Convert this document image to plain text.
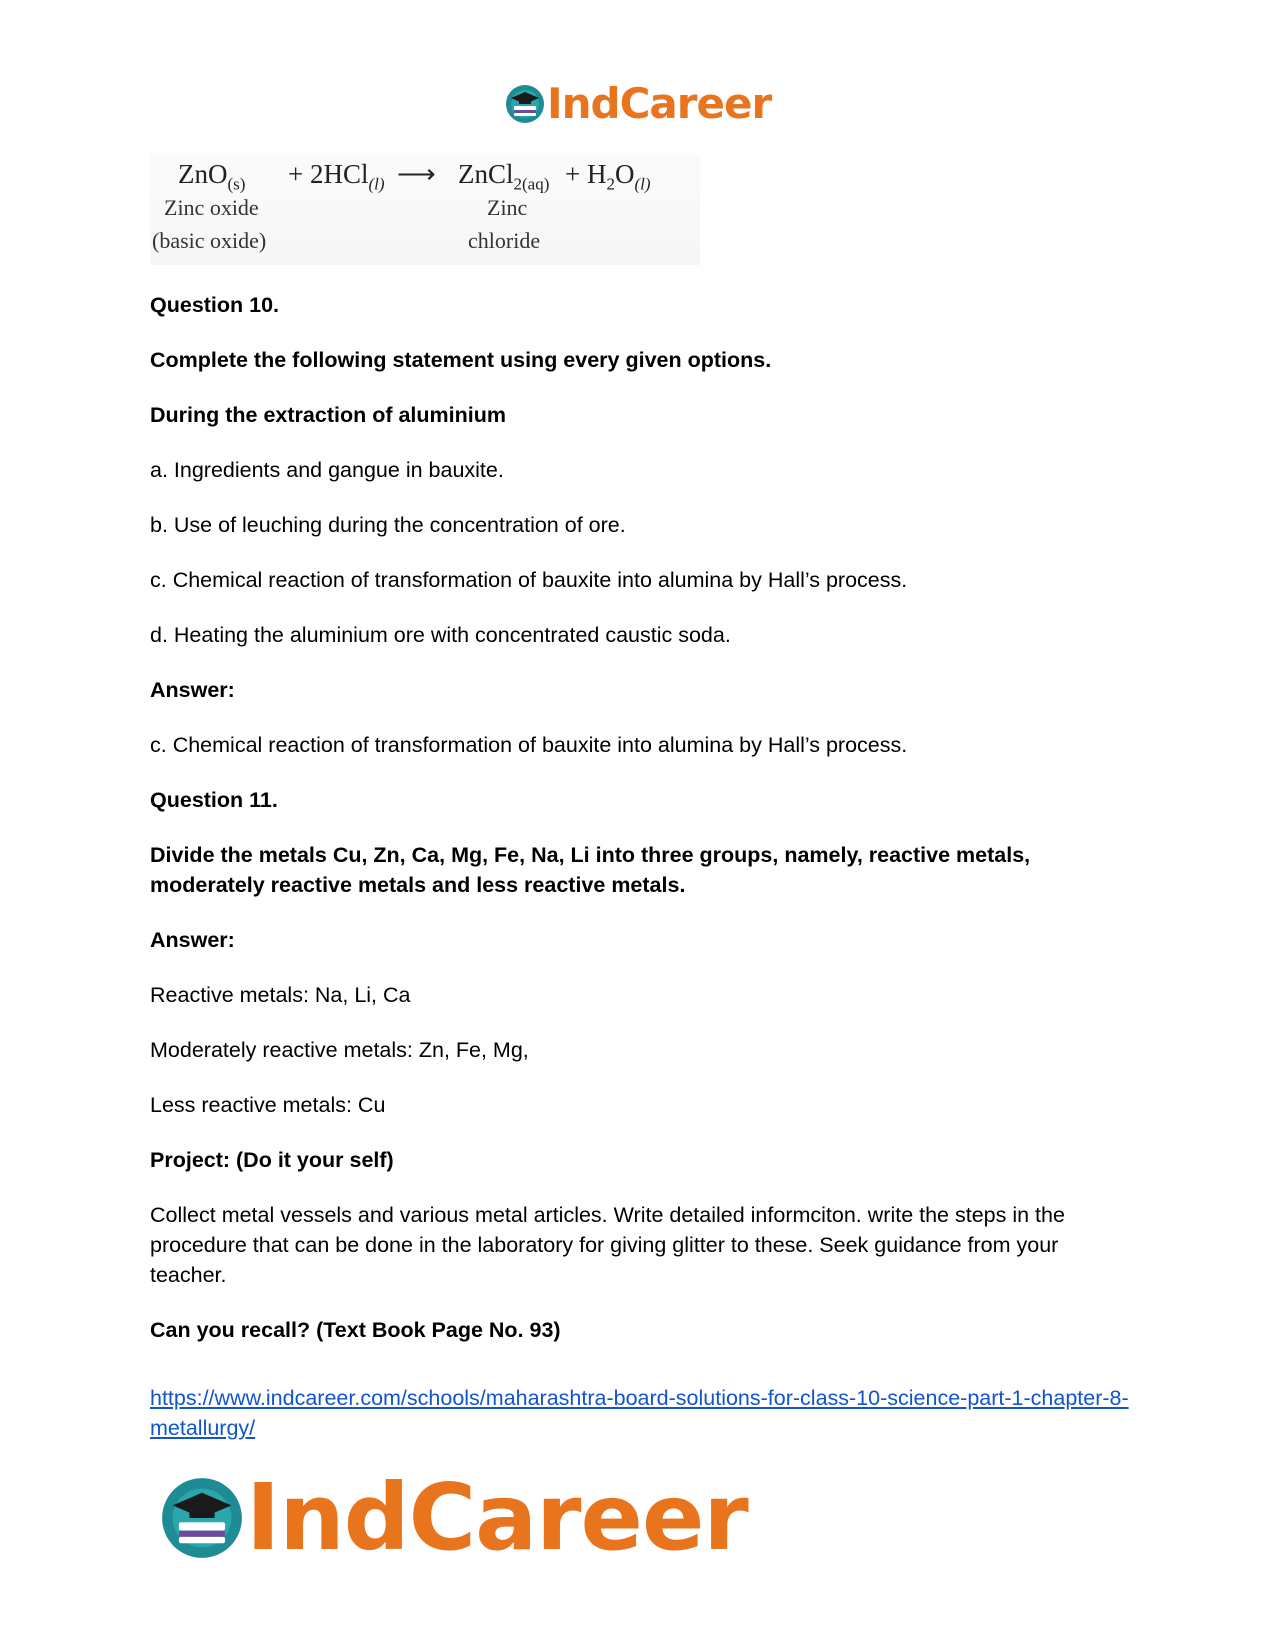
IndCareer
ZnO$_{(s)}$ + 2HCl$_{(l)}$ ⟶ ZnCl$_{2(aq)}$ + $H_2O_{(l)}$
Zinc oxide
(basic oxide)
Zinc
chloride

Question 10.

Complete the following statement using every given options.

During the extraction of aluminium

a. Ingredients and gangue in bauxite.

b. Use of leuching during the concentration of ore.

c. Chemical reaction of transformation of bauxite into alumina by Hall’s process.

d. Heating the aluminium ore with concentrated caustic soda.

Answer:

c. Chemical reaction of transformation of bauxite into alumina by Hall’s process.

Question 11.

Divide the metals Cu, Zn, Ca, Mg, Fe, Na, Li into three groups, namely, reactive metals, moderately reactive metals and less reactive metals.

Answer:

Reactive metals: Na, Li, Ca

Moderately reactive metals: Zn, Fe, Mg,

Less reactive metals: Cu

Project: (Do it your self)

Collect metal vessels and various metal articles. Write detailed informciton. write the steps in the procedure that can be done in the laboratory for giving glitter to these. Seek guidance from your teacher.

Can you recall? (Text Book Page No. 93)

https://www.indcareer.com/schools/maharashtra-board-solutions-for-class-10-science-part-1-chapter-8-metallurgy/

IndCareer
